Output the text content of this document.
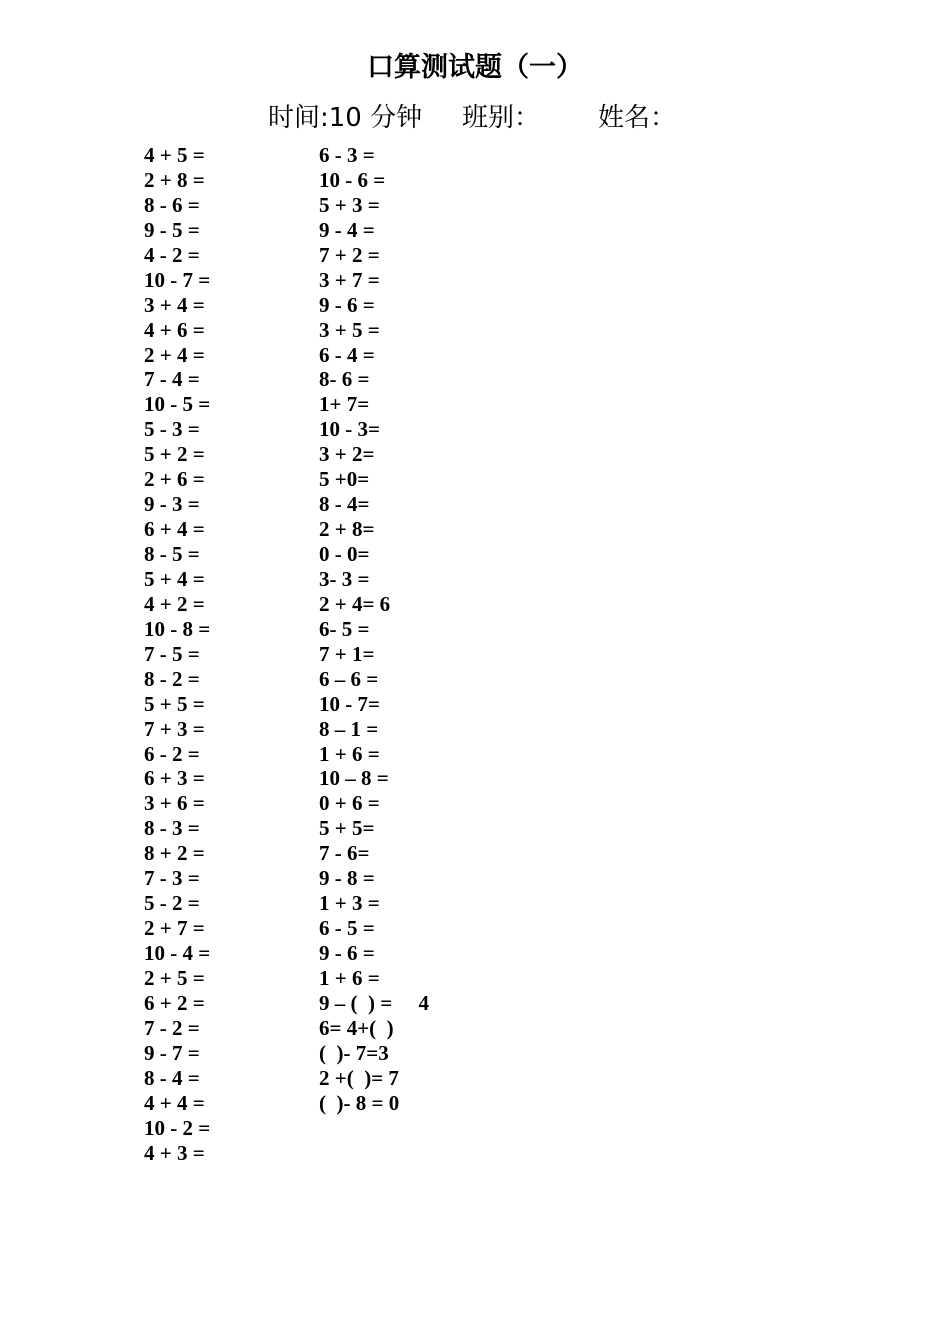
口算测试题（一）
时间:10 分钟 班别： 姓名：
4 + 5 =
2 + 8 =
8 - 6 =
9 - 5 =
4 - 2 =
10 - 7 =
3 + 4 =
4 + 6 =
2 + 4 =
7 - 4 =
10 - 5 =
5 - 3 =
5 + 2 =
2 + 6 =
9 - 3 =
6 + 4 =
8 - 5 =
5 + 4 =
4 + 2 =
10 - 8 =
7 - 5 =
8 - 2 =
5 + 5 =
7 + 3 =
6 - 2 =
6 + 3 =
3 + 6 =
8 - 3 =
8 + 2 =
7 - 3 =
5 - 2 =
2 + 7 =
10 - 4 =
2 + 5 =
6 + 2 =
7 - 2 =
9 - 7 =
8 - 4 =
4 + 4 =
10 - 2 =
4 + 3 =
6 - 3 =
10 - 6 =
5 + 3 =
9 - 4 =
7 + 2 =
3 + 7 =
9 - 6 =
3 + 5 =
6 - 4 =
8- 6 =
1+ 7=
10 - 3=
3 + 2=
5 +0=
8 - 4=
2 + 8=
0 - 0=
3- 3 =
2 + 4= 6
6- 5 =
7 + 1=
6 – 6 =
10 - 7=
8 – 1 =
1 + 6 =
10 – 8 =
0 + 6 =
5 + 5=
7 - 6=
9 - 8 =
1 + 3 =
6 - 5 =
9 - 6 =
1 + 6 =
9 – (  ) =     4
6= 4+(  )
(  )- 7=3
2 +(  )= 7
(  )- 8 = 0
